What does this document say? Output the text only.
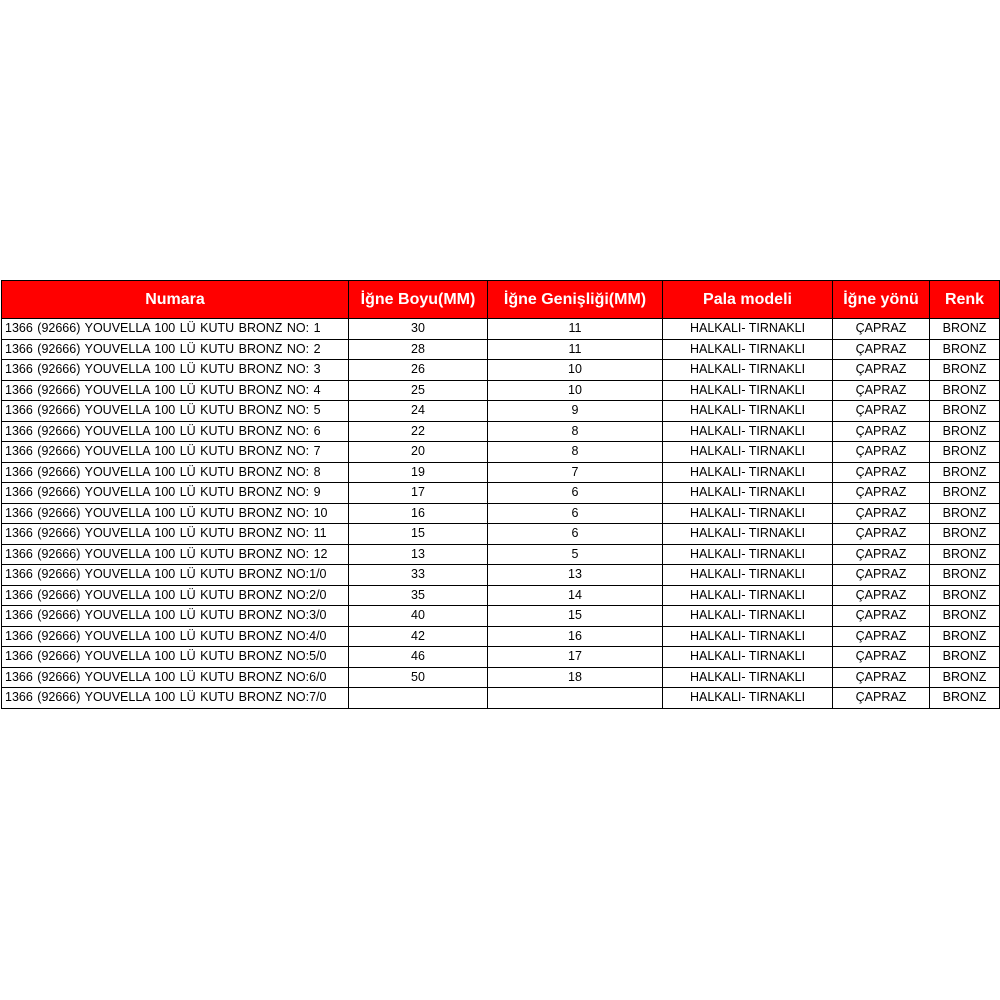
Numara	İğne Boyu(MM)	İğne Genişliği(MM)	Pala modeli	İğne yönü	Renk
1366 (92666) YOUVELLA 100 LÜ KUTU BRONZ NO: 1	30	11	HALKALI- TIRNAKLI	ÇAPRAZ	BRONZ
1366 (92666) YOUVELLA 100 LÜ KUTU BRONZ NO: 2	28	11	HALKALI- TIRNAKLI	ÇAPRAZ	BRONZ
1366 (92666) YOUVELLA 100 LÜ KUTU BRONZ NO: 3	26	10	HALKALI- TIRNAKLI	ÇAPRAZ	BRONZ
1366 (92666) YOUVELLA 100 LÜ KUTU BRONZ NO: 4	25	10	HALKALI- TIRNAKLI	ÇAPRAZ	BRONZ
1366 (92666) YOUVELLA 100 LÜ KUTU BRONZ NO: 5	24	9	HALKALI- TIRNAKLI	ÇAPRAZ	BRONZ
1366 (92666) YOUVELLA 100 LÜ KUTU BRONZ NO: 6	22	8	HALKALI- TIRNAKLI	ÇAPRAZ	BRONZ
1366 (92666) YOUVELLA 100 LÜ KUTU BRONZ NO: 7	20	8	HALKALI- TIRNAKLI	ÇAPRAZ	BRONZ
1366 (92666) YOUVELLA 100 LÜ KUTU BRONZ NO: 8	19	7	HALKALI- TIRNAKLI	ÇAPRAZ	BRONZ
1366 (92666) YOUVELLA 100 LÜ KUTU BRONZ NO: 9	17	6	HALKALI- TIRNAKLI	ÇAPRAZ	BRONZ
1366 (92666) YOUVELLA 100 LÜ KUTU BRONZ NO: 10	16	6	HALKALI- TIRNAKLI	ÇAPRAZ	BRONZ
1366 (92666) YOUVELLA 100 LÜ KUTU BRONZ NO: 11	15	6	HALKALI- TIRNAKLI	ÇAPRAZ	BRONZ
1366 (92666) YOUVELLA 100 LÜ KUTU BRONZ NO: 12	13	5	HALKALI- TIRNAKLI	ÇAPRAZ	BRONZ
1366 (92666) YOUVELLA 100 LÜ KUTU BRONZ NO:1/0	33	13	HALKALI- TIRNAKLI	ÇAPRAZ	BRONZ
1366 (92666) YOUVELLA 100 LÜ KUTU BRONZ NO:2/0	35	14	HALKALI- TIRNAKLI	ÇAPRAZ	BRONZ
1366 (92666) YOUVELLA 100 LÜ KUTU BRONZ NO:3/0	40	15	HALKALI- TIRNAKLI	ÇAPRAZ	BRONZ
1366 (92666) YOUVELLA 100 LÜ KUTU BRONZ NO:4/0	42	16	HALKALI- TIRNAKLI	ÇAPRAZ	BRONZ
1366 (92666) YOUVELLA 100 LÜ KUTU BRONZ NO:5/0	46	17	HALKALI- TIRNAKLI	ÇAPRAZ	BRONZ
1366 (92666) YOUVELLA 100 LÜ KUTU BRONZ NO:6/0	50	18	HALKALI- TIRNAKLI	ÇAPRAZ	BRONZ
1366 (92666) YOUVELLA 100 LÜ KUTU BRONZ NO:7/0			HALKALI- TIRNAKLI	ÇAPRAZ	BRONZ
